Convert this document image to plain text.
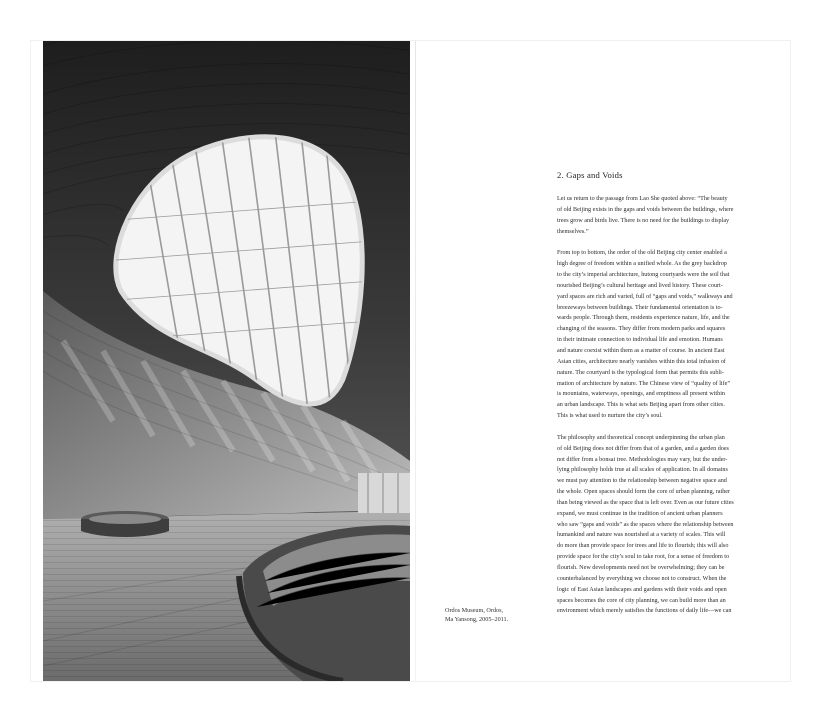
Ordos Museum, Ordos,
Ma Yansong, 2005–2011.
2. Gaps and Voids
Let us return to the passage from Lao She quoted above: “The beauty
of old Beijing exists in the gaps and voids between the buildings, where
trees grow and birds live. There is no need for the buildings to display
themselves.”
From top to bottom, the order of the old Beijing city center enabled a
high degree of freedom within a unified whole. As the grey backdrop
to the city’s imperial architecture, hutong courtyards were the soil that
nourished Beijing’s cultural heritage and lived history. These court-
yard spaces are rich and varied, full of “gaps and voids,” walkways and
breezeways between buildings. Their fundamental orientation is to-
wards people. Through them, residents experience nature, life, and the
changing of the seasons. They differ from modern parks and squares
in their intimate connection to individual life and emotion. Humans
and nature coexist within them as a matter of course. In ancient East
Asian cities, architecture nearly vanishes within this total infusion of
nature. The courtyard is the typological form that permits this subli-
mation of architecture by nature. The Chinese view of “quality of life”
is mountains, waterways, openings, and emptiness all present within
an urban landscape. This is what sets Beijing apart from other cities.
This is what used to nurture the city’s soul.
The philosophy and theoretical concept underpinning the urban plan
of old Beijing does not differ from that of a garden, and a garden does
not differ from a bonsai tree. Methodologies may vary, but the under-
lying philosophy holds true at all scales of application. In all domains
we must pay attention to the relationship between negative space and
the whole. Open spaces should form the core of urban planning, rather
than being viewed as the space that is left over. Even as our future cities
expand, we must continue in the tradition of ancient urban planners
who saw “gaps and voids” as the spaces where the relationship between
humankind and nature was nourished at a variety of scales. This will
do more than provide space for trees and life to flourish; this will also
provide space for the city’s soul to take root, for a sense of freedom to
flourish. New developments need not be overwhelming; they can be
counterbalanced by everything we choose not to construct. When the
logic of East Asian landscapes and gardens with their voids and open
spaces becomes the core of city planning, we can build more than an
environment which merely satisfies the functions of daily life—we can
